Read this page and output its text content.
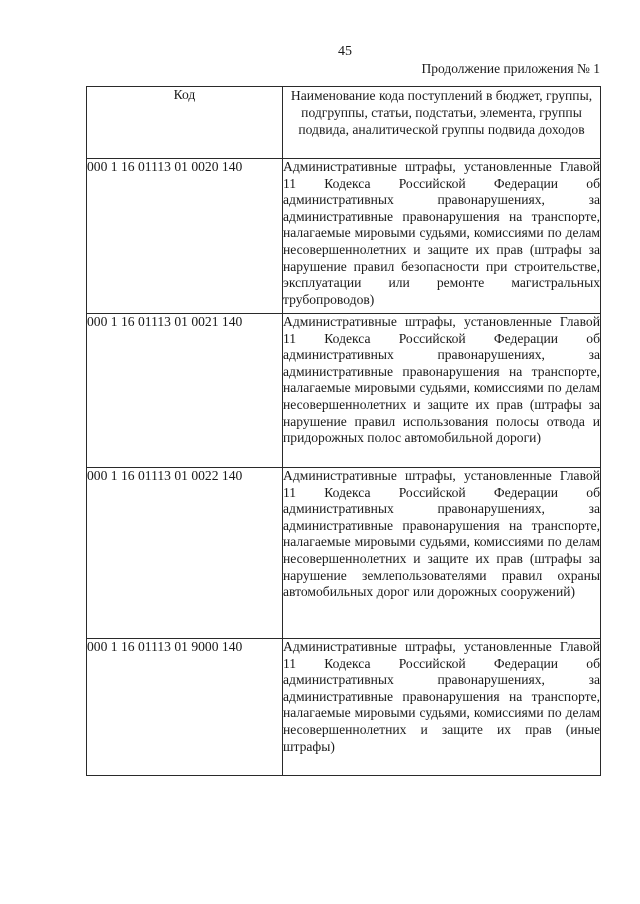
45
Продолжение приложения № 1
Код	Наименование кода поступлений в бюджет, группы, подгруппы, статьи, подстатьи, элемента, группы подвида, аналитической группы подвида доходов
000 1 16 01113 01 0020 140	Административные штрафы, установленные Главой 11 Кодекса Российской Федерации об административных правонарушениях, за административные правонарушения на транспорте, налагаемые мировыми судьями, комиссиями по делам несовершеннолетних и защите их прав (штрафы за нарушение правил безопасности при строительстве, эксплуатации или ремонте магистральных трубопроводов)
000 1 16 01113 01 0021 140	Административные штрафы, установленные Главой 11 Кодекса Российской Федерации об административных правонарушениях, за административные правонарушения на транспорте, налагаемые мировыми судьями, комиссиями по делам несовершеннолетних и защите их прав (штрафы за нарушение правил использования полосы отвода и придорожных полос автомобильной дороги)
000 1 16 01113 01 0022 140	Административные штрафы, установленные Главой 11 Кодекса Российской Федерации об административных правонарушениях, за административные правонарушения на транспорте, налагаемые мировыми судьями, комиссиями по делам несовершеннолетних и защите их прав (штрафы за нарушение землепользователями правил охраны автомобильных дорог или дорожных сооружений)
000 1 16 01113 01 9000 140	Административные штрафы, установленные Главой 11 Кодекса Российской Федерации об административных правонарушениях, за административные правонарушения на транспорте, налагаемые мировыми судьями, комиссиями по делам несовершеннолетних и защите их прав (иные штрафы)
